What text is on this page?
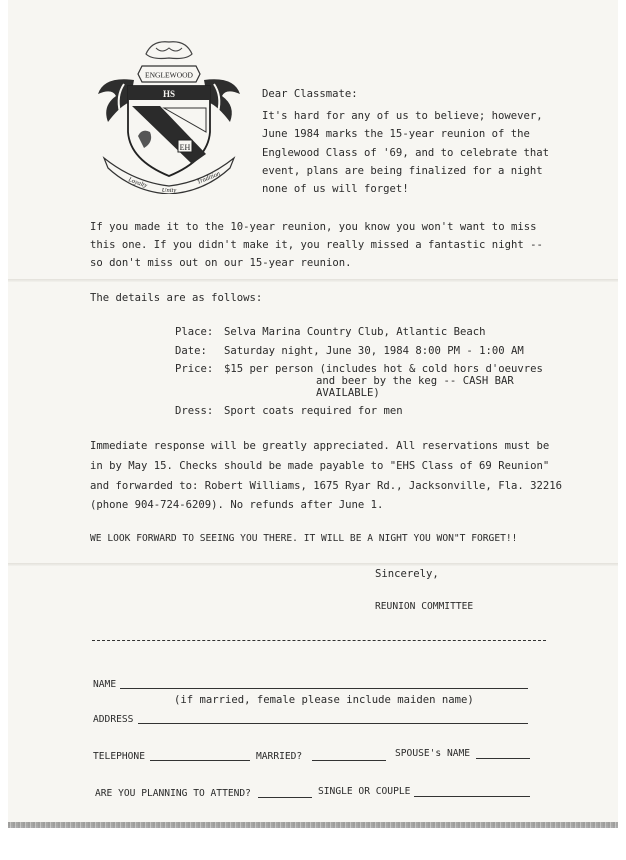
ENGLEWOOD
HS
EH
Loyalty
Unity
Tradition
Dear Classmate:
It's hard for any of us to believe; however,
June 1984 marks the 15-year reunion of the
Englewood Class of '69, and to celebrate that
event, plans are being finalized for a night
none of us will forget!
If you made it to the 10-year reunion, you know you won't want to miss
this one. If you didn't make it, you really missed a fantastic night --
so don't miss out on our 15-year reunion.
The details are as follows:
Place: Selva Marina Country Club, Atlantic Beach
Date: Saturday night, June 30, 1984 8:00 PM - 1:00 AM
Price: $15 per person (includes hot & cold hors d'oeuvres
and beer by the keg -- CASH BAR
AVAILABLE)
Dress: Sport coats required for men
Immediate response will be greatly appreciated. All reservations must be
in by May 15. Checks should be made payable to "EHS Class of 69 Reunion"
and forwarded to: Robert Williams, 1675 Ryar Rd., Jacksonville, Fla. 32216
(phone 904-724-6209). No refunds after June 1.
WE LOOK FORWARD TO SEEING YOU THERE. IT WILL BE A NIGHT YOU WON"T FORGET!!
Sincerely,
REUNION COMMITTEE
NAME
(if married, female please include maiden name)
ADDRESS
TELEPHONE	MARRIED?	SPOUSE's NAME
ARE YOU PLANNING TO ATTEND?	SINGLE OR COUPLE
